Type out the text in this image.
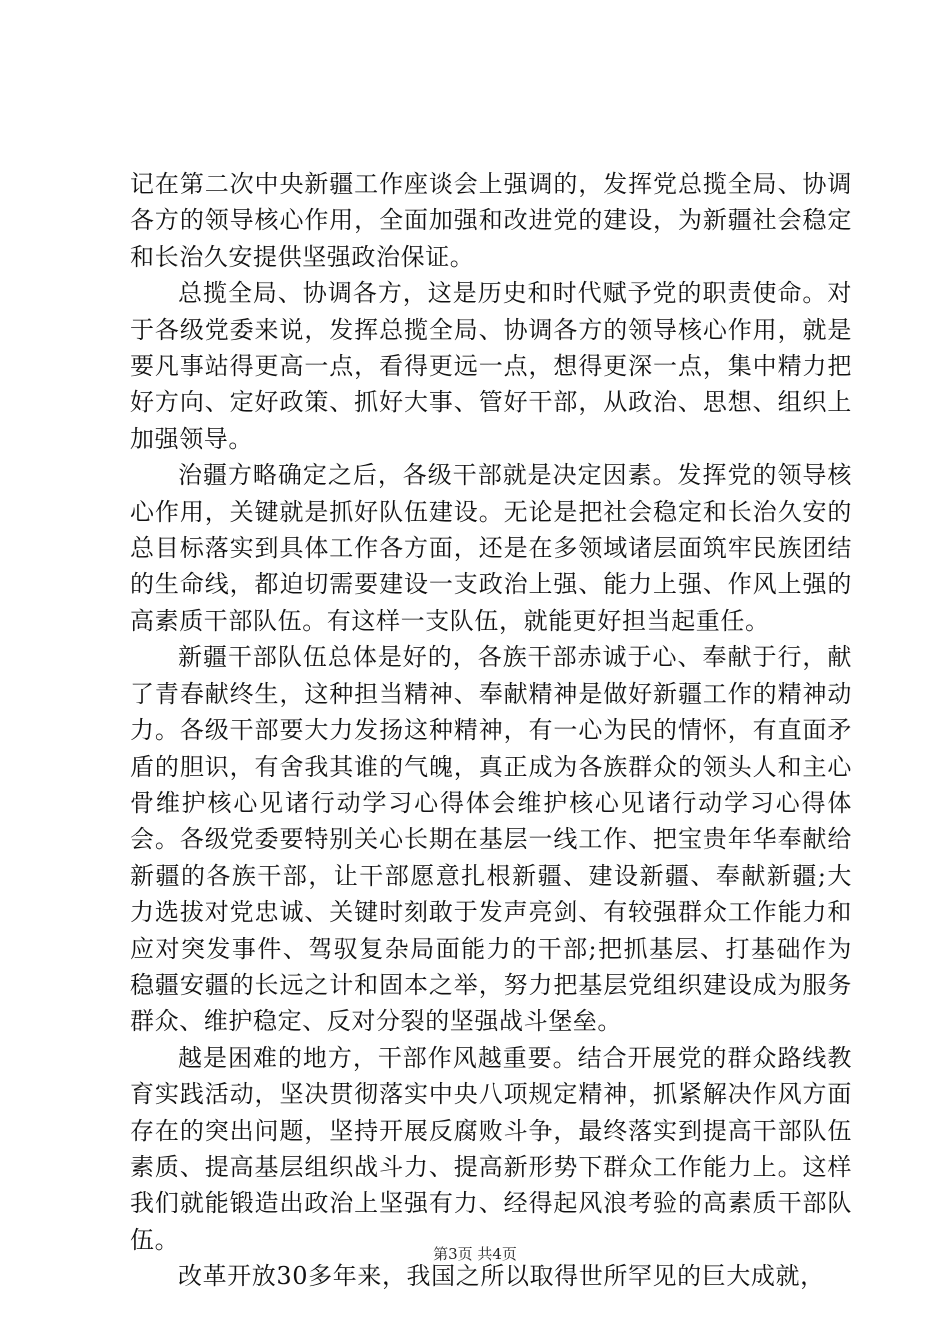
记在第二次中央新疆工作座谈会上强调的，发挥党总揽全局、协调各方的领导核心作用，全面加强和改进党的建设，为新疆社会稳定和长治久安提供坚强政治保证。

总揽全局、协调各方，这是历史和时代赋予党的职责使命。对于各级党委来说，发挥总揽全局、协调各方的领导核心作用，就是要凡事站得更高一点，看得更远一点，想得更深一点，集中精力把好方向、定好政策、抓好大事、管好干部，从政治、思想、组织上加强领导。

治疆方略确定之后，各级干部就是决定因素。发挥党的领导核心作用，关键就是抓好队伍建设。无论是把社会稳定和长治久安的总目标落实到具体工作各方面，还是在多领域诸层面筑牢民族团结的生命线，都迫切需要建设一支政治上强、能力上强、作风上强的高素质干部队伍。有这样一支队伍，就能更好担当起重任。

新疆干部队伍总体是好的，各族干部赤诚于心、奉献于行，献了青春献终生，这种担当精神、奉献精神是做好新疆工作的精神动力。各级干部要大力发扬这种精神，有一心为民的情怀，有直面矛盾的胆识，有舍我其谁的气魄，真正成为各族群众的领头人和主心骨维护核心见诸行动学习心得体会维护核心见诸行动学习心得体会。各级党委要特别关心长期在基层一线工作、把宝贵年华奉献给新疆的各族干部，让干部愿意扎根新疆、建设新疆、奉献新疆;大力选拔对党忠诚、关键时刻敢于发声亮剑、有较强群众工作能力和应对突发事件、驾驭复杂局面能力的干部;把抓基层、打基础作为稳疆安疆的长远之计和固本之举，努力把基层党组织建设成为服务群众、维护稳定、反对分裂的坚强战斗堡垒。

越是困难的地方，干部作风越重要。结合开展党的群众路线教育实践活动，坚决贯彻落实中央八项规定精神，抓紧解决作风方面存在的突出问题，坚持开展反腐败斗争，最终落实到提高干部队伍素质、提高基层组织战斗力、提高新形势下群众工作能力上。这样我们就能锻造出政治上坚强有力、经得起风浪考验的高素质干部队伍。

改革开放30多年来，我国之所以取得世所罕见的巨大成就，

第3页 共4页
